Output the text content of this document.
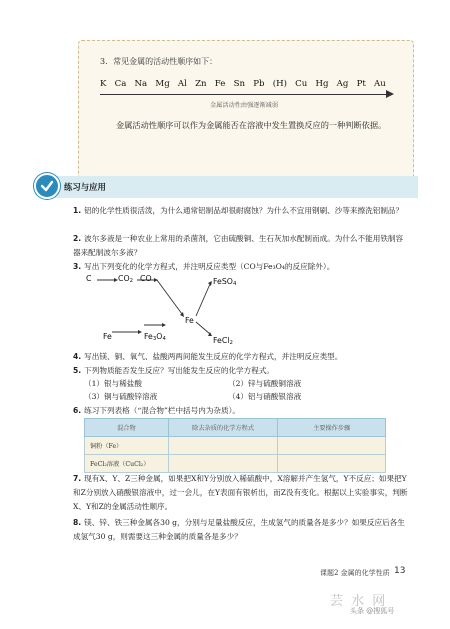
3．常见金属的活动性顺序如下：
K Ca Na Mg Al Zn Fe Sn Pb (H) Cu Hg Ag Pt Au
金属活动性由强逐渐减弱
金属活动性顺序可以作为金属能否在溶液中发生置换反应的一种判断依据。
练习与应用
1. 铝的化学性质很活泼，为什么通常铝制品却很耐腐蚀？为什么不宜用钢刷、沙等来擦洗铝制品？
2. 波尔多液是一种农业上常用的杀菌剂，它由硫酸铜、生石灰加水配制而成。为什么不能用铁制容器来配制波尔多液？
3. 写出下列变化的化学方程式，并注明反应类型（CO与Fe₃O₄的反应除外）。
C	CO2 CO
Fe
FeSO4
FeCl2
Fe	Fe3O4
4. 写出镁、铜、氧气、盐酸两两间能发生反应的化学方程式，并注明反应类型。
5. 下列物质能否发生反应？写出能发生反应的化学方程式。
（1）银与稀盐酸	（2）锌与硫酸铜溶液
（3）铜与硫酸锌溶液	（4）铝与硝酸银溶液
6. 练习下列表格（“混合物”栏中括号内为杂质）。
混合物	除去杂质的化学方程式	主要操作步骤
铜粉（Fe）		
FeCl₂溶液（CuCl₂）		
7. 现有X、Y、Z三种金属，如果把X和Y分别放入稀硫酸中，X溶解并产生氢气，Y不反应；如果把Y和Z分别放入硝酸银溶液中，过一会儿，在Y表面有银析出，而Z没有变化。根据以上实验事实，判断X、Y和Z的金属活动性顺序。
8. 镁、锌、铁三种金属各30 g，分别与足量盐酸反应，生成氢气的质量各是多少？如果反应后各生成氢气30 g，则需要这三种金属的质量各是多少？
课题2 金属的化学性质 13
芸 水 网
头条 @搜狐号
